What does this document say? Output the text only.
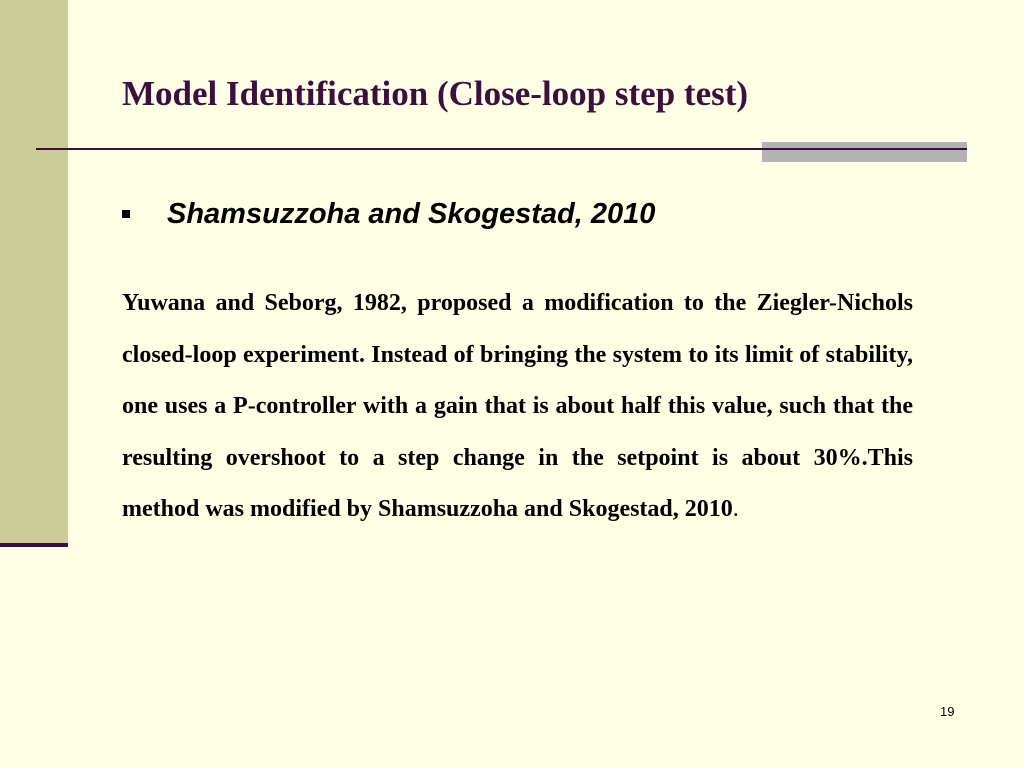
Model Identification (Close-loop step test)
Shamsuzzoha and Skogestad, 2010

Yuwana and Seborg, 1982, proposed a modification to the Ziegler-Nichols closed-loop experiment. Instead of bringing the system to its limit of stability, one uses a P-controller with a gain that is about half this value, such that the resulting overshoot to a step change in the setpoint is about 30%.This method was modified by Shamsuzzoha and Skogestad, 2010.

19
